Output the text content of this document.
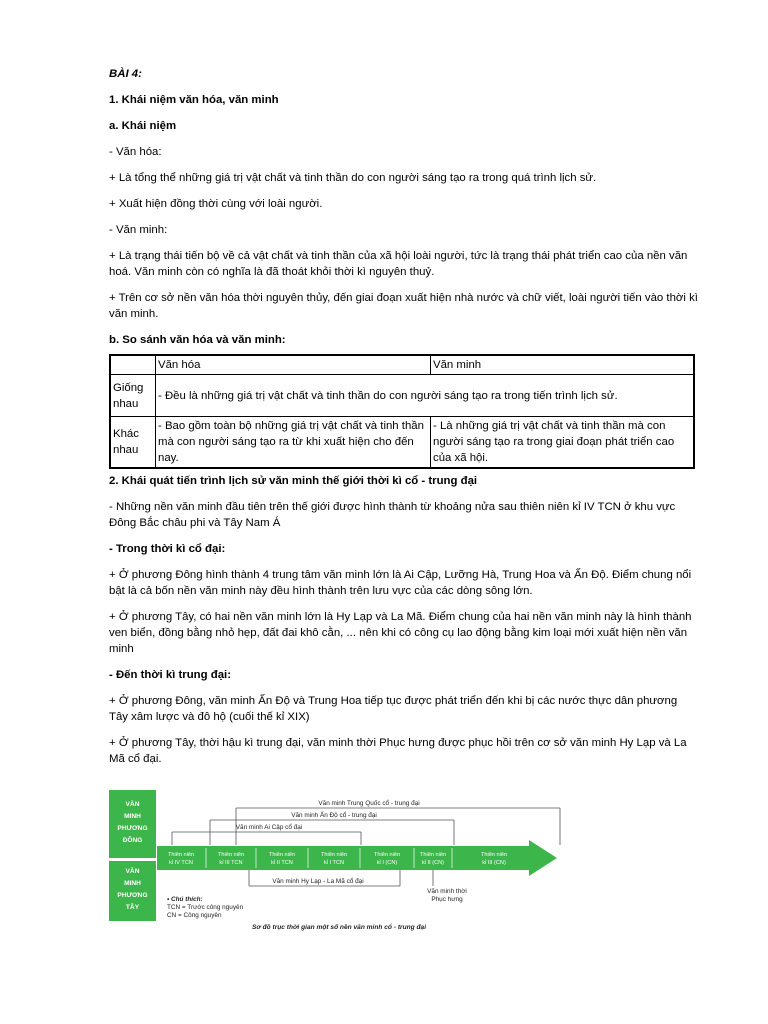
BÀI 4:

1. Khái niệm văn hóa, văn minh

a. Khái niệm

- Văn hóa:

+ Là tổng thể những giá trị vật chất và tinh thần do con người sáng tạo ra trong quá trình lịch sử.

+ Xuất hiện đồng thời cùng với loài người.

- Văn minh:

+ Là trạng thái tiến bộ về cả vật chất và tinh thần của xã hội loài người, tức là trạng thái phát triển cao của nền văn hoá. Văn minh còn có nghĩa là đã thoát khỏi thời kì nguyên thuỷ.

+ Trên cơ sở nền văn hóa thời nguyên thủy, đến giai đoạn xuất hiện nhà nước và chữ viết, loài người tiến vào thời kì văn minh.

b. So sánh văn hóa và văn minh:

	Văn hóa	Văn minh
Giống nhau	- Đều là những giá trị vật chất và tinh thần do con người sáng tạo ra trong tiến trình lịch sử.	
Khác nhau	- Bao gồm toàn bộ những giá trị vật chất và tinh thần mà con người sáng tạo ra từ khi xuất hiện cho đến nay.	- Là những giá trị vật chất và tinh thần mà con người sáng tạo ra trong giai đoạn phát triển cao của xã hội.

2. Khái quát tiến trình lịch sử văn minh thế giới thời kì cổ - trung đại

- Những nền văn minh đầu tiên trên thế giới được hình thành từ khoảng nửa sau thiên niên kỉ IV TCN ở khu vực Đông Bắc châu phi và Tây Nam Á

- Trong thời kì cổ đại:

+ Ở phương Đông hình thành 4 trung tâm văn minh lớn là Ai Cập, Lưỡng Hà, Trung Hoa và Ấn Độ. Điểm chung nổi bật là cả bốn nền văn minh này đều hình thành trên lưu vực của các dòng sông lớn.

+ Ở phương Tây, có hai nền văn minh lớn là Hy Lạp và La Mã. Điểm chung của hai nền văn minh này là hình thành ven biển, đồng bằng nhỏ hẹp, đất đai khô cằn, ... nên khi có công cụ lao động bằng kim loại mới xuất hiện nền văn minh

- Đến thời kì trung đại:

+ Ở phương Đông, văn minh Ấn Độ và Trung Hoa tiếp tục được phát triển đến khi bị các nước thực dân phương Tây xâm lược và đô hộ (cuối thế kỉ XIX)

+ Ở phương Tây, thời hậu kì trung đại, văn minh thời Phục hưng được phục hồi trên cơ sở văn minh Hy Lạp và La Mã cổ đại.

VĂN
MINH
PHƯƠNG
ĐÔNG
VĂN
MINH
PHƯƠNG
TÂY
Văn minh Trung Quốc cổ - trung đại
Văn minh Ấn Độ cổ - trung đại
Văn minh Ai Cập cổ đại
Văn minh Hy Lạp - La Mã cổ đại
Văn minh thời
Phục hưng
Thiên niên
kỉ IV TCN
Thiên niên
kỉ III TCN
Thiên niên
kỉ II TCN
Thiên niên
kỉ I TCN
Thiên niên
kỉ I (CN)
Thiên niên
kỉ II (CN)
Thiên niên
kỉ III (CN)
• Chú thích:
TCN = Trước công nguyên
CN = Công nguyên
Sơ đồ trục thời gian một số nền văn minh cổ - trung đại
